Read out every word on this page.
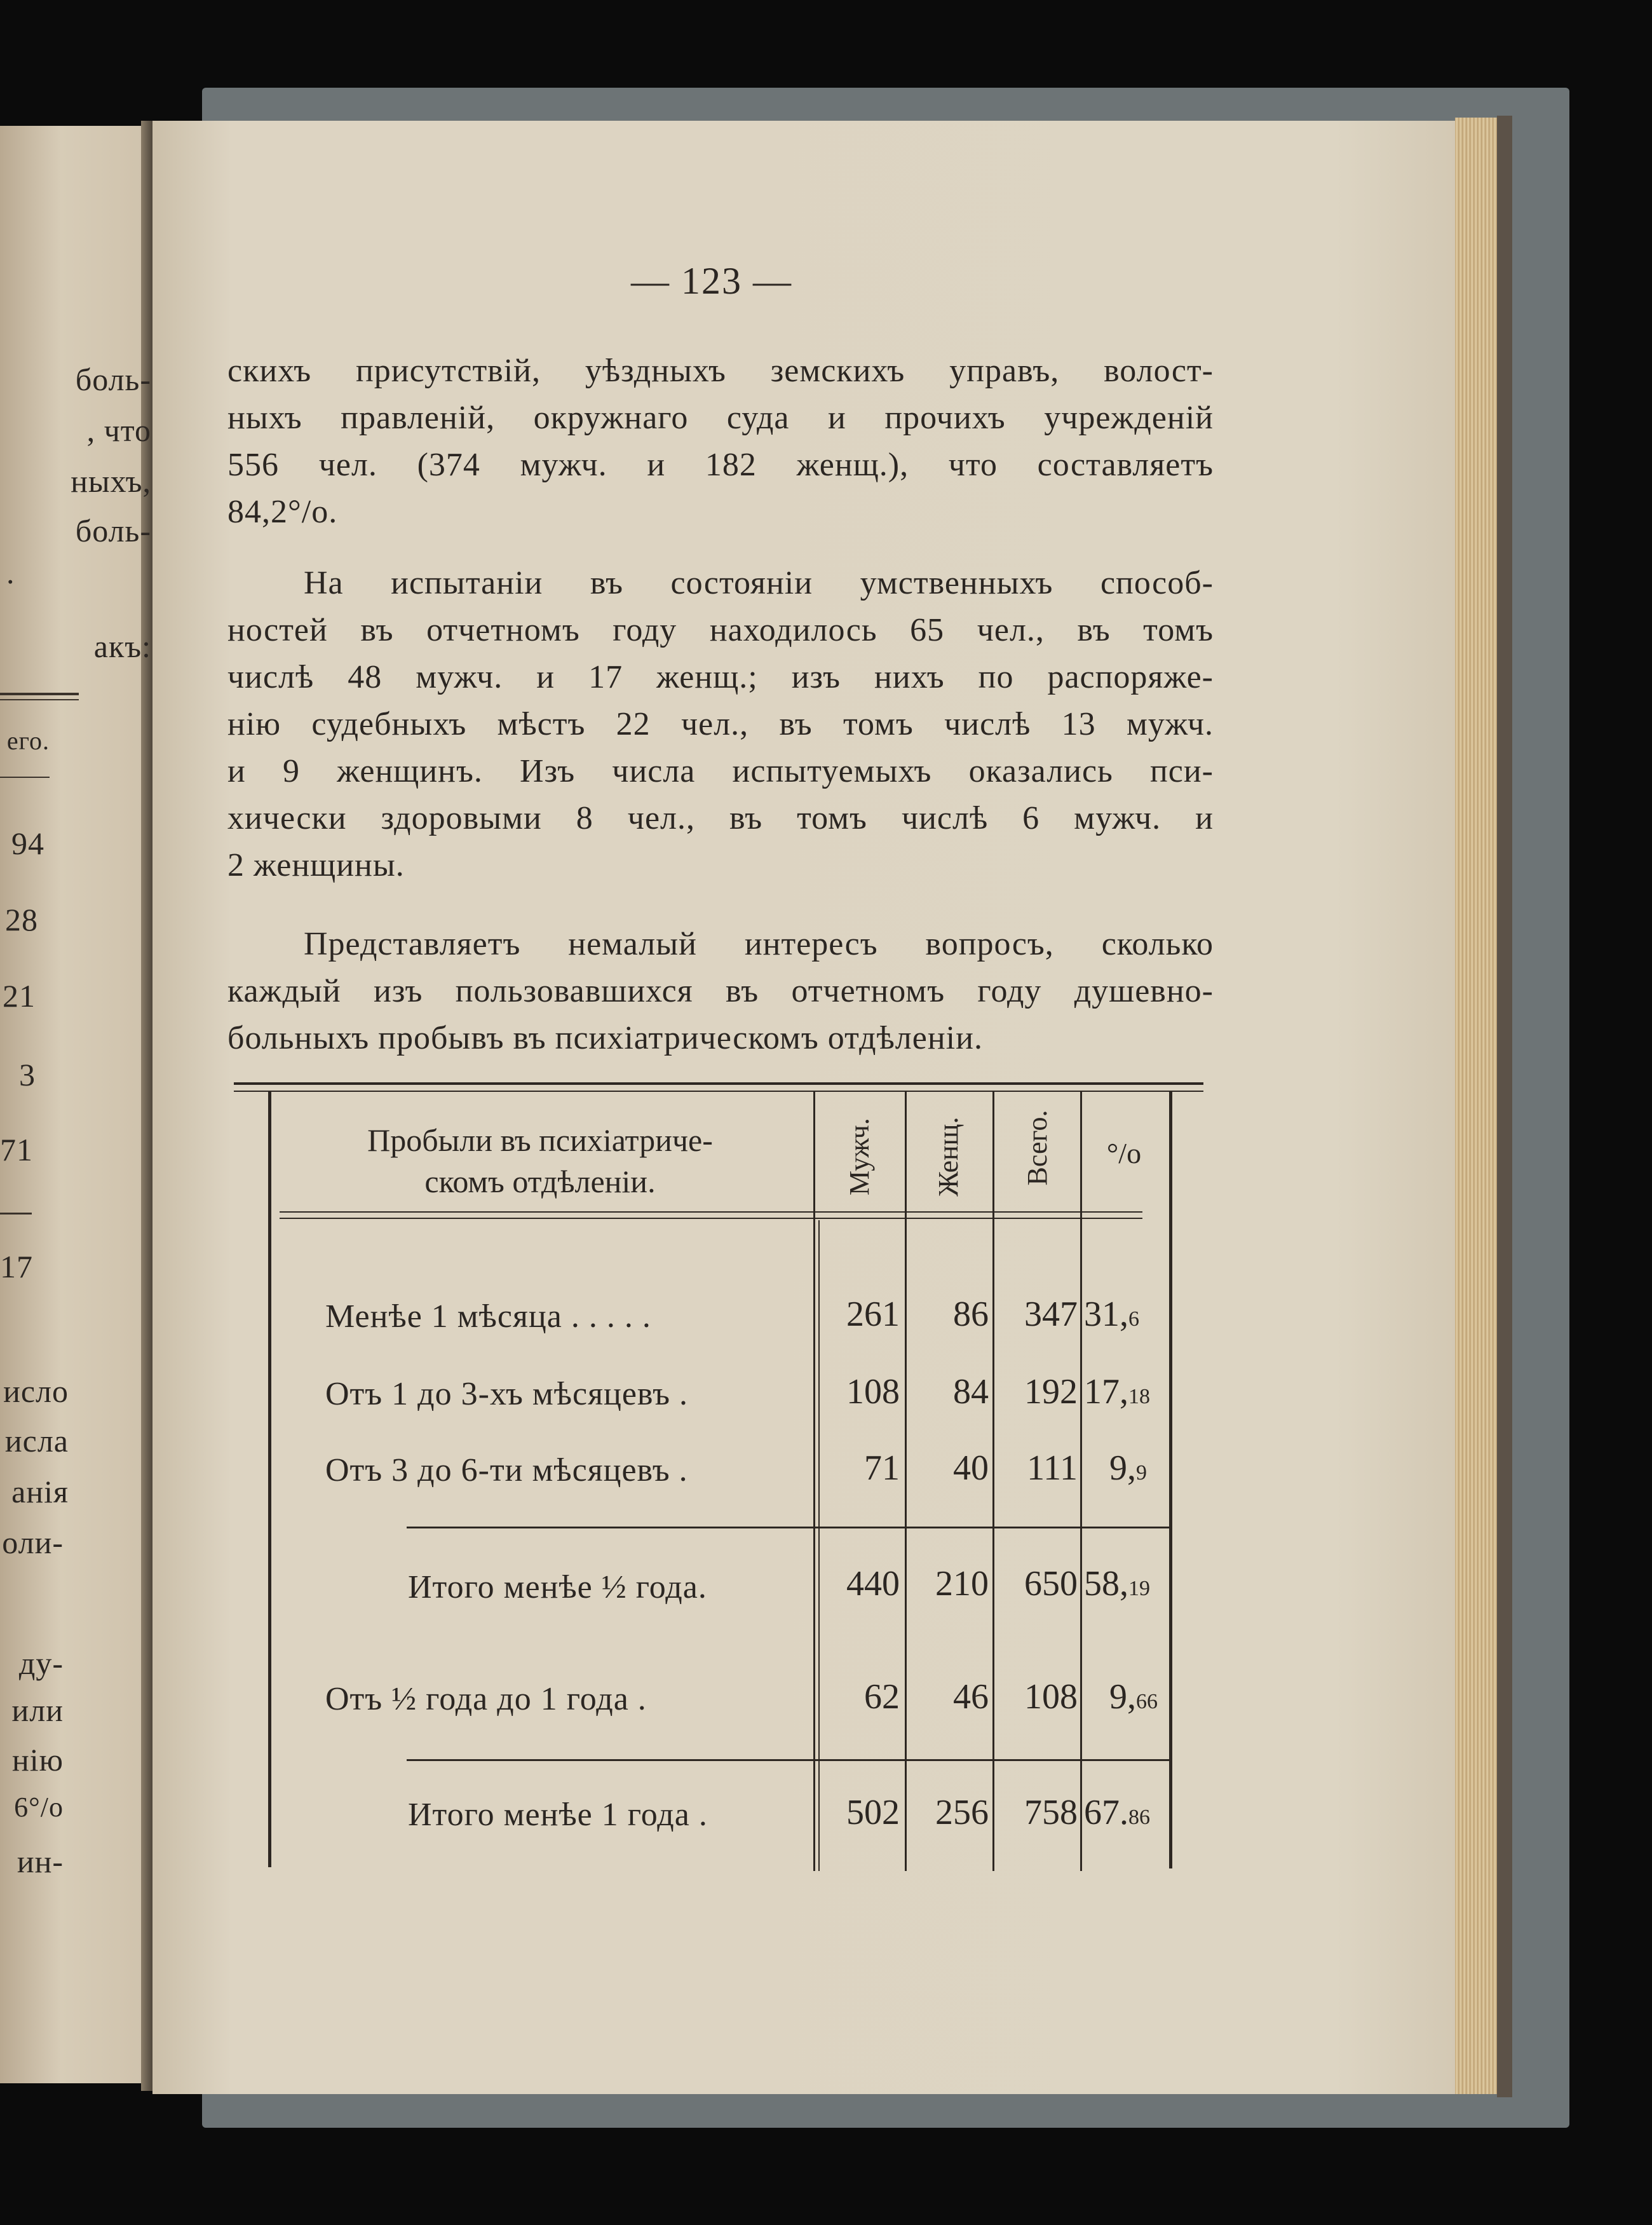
боль-
, что
ныхъ,
боль-
.
акъ:
его.
94
28
21
3
71
17
исло
исла
анія
оли-
ду-
или
нію
6°/о
ин-
— 123 —
скихъ присутствій, уѣздныхъ земскихъ управъ, волост-
ныхъ правленій, окружнаго суда и прочихъ учрежденій
556 чел. (374 мужч. и 182 женщ.), что составляетъ
84,2°/о.
На испытаніи въ состояніи умственныхъ способ-
ностей въ отчетномъ году находилось 65 чел., въ томъ
числѣ 48 мужч. и 17 женщ.; изъ нихъ по распоряже-
нію судебныхъ мѣстъ 22 чел., въ томъ числѣ 13 мужч.
и 9 женщинъ. Изъ числа испытуемыхъ оказались пси-
хически здоровыми 8 чел., въ томъ числѣ 6 мужч. и
2 женщины.
Представляетъ немалый интересъ вопросъ, сколько
каждый изъ пользовавшихся въ отчетномъ году душевно-
больныхъ пробывъ въ психіатрическомъ отдѣленіи.
Пробыли въ психіатриче-
скомъ отдѣленіи.	Мужч. Женщ. Всего.	°/о
Менѣе 1 мѣсяца . . . . .	261	86	347 31,6
Отъ 1 до 3-хъ мѣсяцевъ .	108	84	192 17,18
Отъ 3 до 6-ти мѣсяцевъ .	71	40	111 9,9
Итого менѣе ½ года.	440	210	650 58,19
Отъ ½ года до 1 года .	62	46	108 9,66
Итого менѣе 1 года .	502	256	758 67.86
